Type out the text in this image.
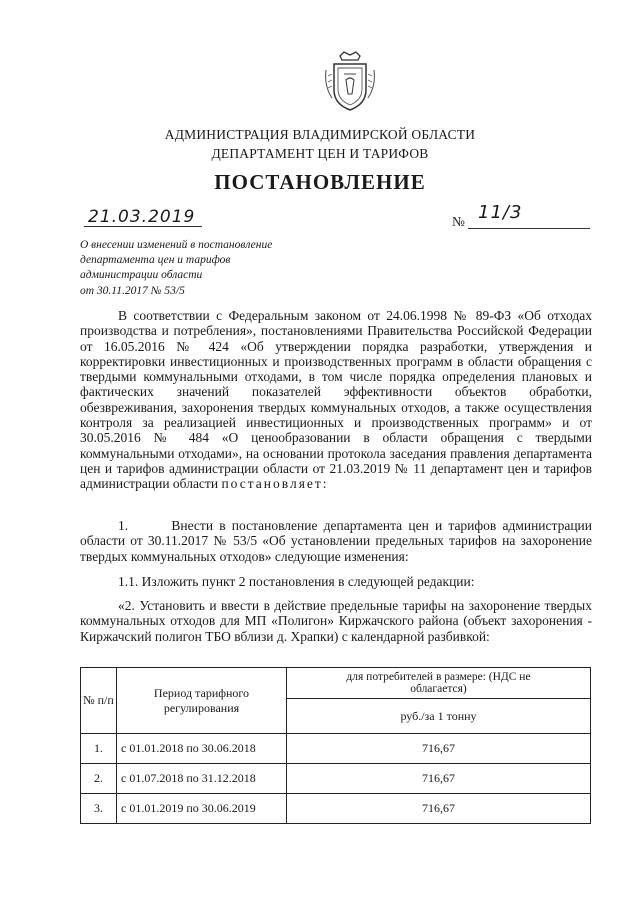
АДМИНИСТРАЦИЯ ВЛАДИМИРСКОЙ ОБЛАСТИ
ДЕПАРТАМЕНТ ЦЕН И ТАРИФОВ
ПОСТАНОВЛЕНИЕ
21.03.2019	№ 11/3
О внесении изменений в постановление
департамента цен и тарифов
администрации области
от 30.11.2017 № 53/5
В соответствии с Федеральным законом от 24.06.1998 № 89-ФЗ «Об отходах производства и потребления», постановлениями Правительства Российской Федерации от 16.05.2016 № 424 «Об утверждении порядка разработки, утверждения и корректировки инвестиционных и производственных программ в области обращения с твердыми коммунальными отходами, в том числе порядка определения плановых и фактических значений показателей эффективности объектов обработки, обезвреживания, захоронения твердых коммунальных отходов, а также осуществления контроля за реализацией инвестиционных и производственных программ» и от 30.05.2016 № 484 «О ценообразовании в области обращения с твердыми коммунальными отходами», на основании протокола заседания правления департамента цен и тарифов администрации области от 21.03.2019 № 11 департамент цен и тарифов администрации области постановляет:
1.	Внести в постановление департамента цен и тарифов администрации области от 30.11.2017 № 53/5 «Об установлении предельных тарифов на захоронение твердых коммунальных отходов» следующие изменения:
1.1. Изложить пункт 2 постановления в следующей редакции:
«2. Установить и ввести в действие предельные тарифы на захоронение твердых коммунальных отходов для МП «Полигон» Киржачского района (объект захоронения - Киржачский полигон ТБО вблизи д. Храпки) с календарной разбивкой:
№ п/п	Период тарифного регулирования	для потребителей в размере: (НДС не облагается)
		руб./за 1 тонну
1.	с 01.01.2018 по 30.06.2018	716,67
2.	с 01.07.2018 по 31.12.2018	716,67
3.	с 01.01.2019 по 30.06.2019	716,67
